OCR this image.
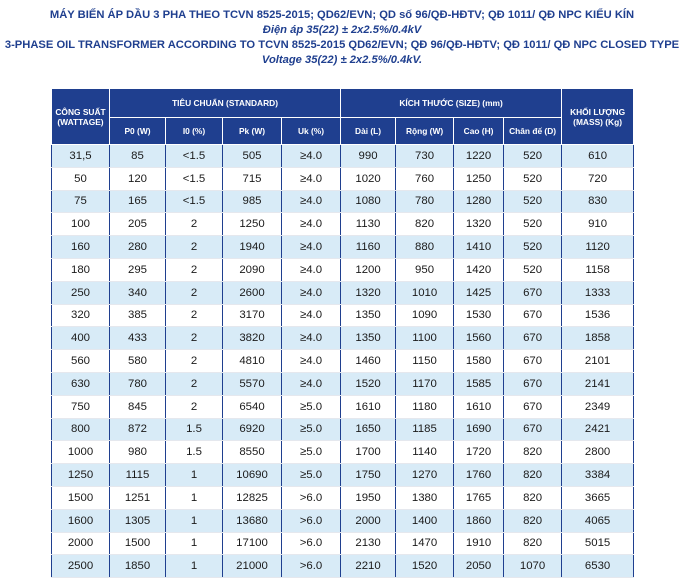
MÁY BIẾN ÁP DẦU 3 PHA THEO TCVN 8525-2015; QD62/EVN; QD số 96/QĐ-HĐTV; QĐ 1011/ QĐ NPC KIỂU KÍN
Điện áp 35(22) ± 2x2.5%/0.4kV
3-PHASE OIL TRANSFORMER ACCORDING TO TCVN 8525-2015 QD62/EVN; QĐ 96/QĐ-HĐTV; QĐ 1011/ QĐ NPC CLOSED TYPE
Voltage 35(22) ± 2x2.5%/0.4kV.
CÔNG SUẤT (WATTAGE)	TIÊU CHUẨN (STANDARD)				KÍCH THƯỚC (SIZE) (mm)				KHỐI LƯỢNG (MASS) (Kg)
	P0 (W)	I0 (%)	Pk (W)	Uk (%)	Dài (L)	Rộng (W)	Cao (H)	Chân đế (D)	
31,5	85	<1.5	505	≥4.0	990	730	1220	520	610
50	120	<1.5	715	≥4.0	1020	760	1250	520	720
75	165	<1.5	985	≥4.0	1080	780	1280	520	830
100	205	2	1250	≥4.0	1130	820	1320	520	910
160	280	2	1940	≥4.0	1160	880	1410	520	1120
180	295	2	2090	≥4.0	1200	950	1420	520	1158
250	340	2	2600	≥4.0	1320	1010	1425	670	1333
320	385	2	3170	≥4.0	1350	1090	1530	670	1536
400	433	2	3820	≥4.0	1350	1100	1560	670	1858
560	580	2	4810	≥4.0	1460	1150	1580	670	2101
630	780	2	5570	≥4.0	1520	1170	1585	670	2141
750	845	2	6540	≥5.0	1610	1180	1610	670	2349
800	872	1.5	6920	≥5.0	1650	1185	1690	670	2421
1000	980	1.5	8550	≥5.0	1700	1140	1720	820	2800
1250	1115	1	10690	≥5.0	1750	1270	1760	820	3384
1500	1251	1	12825	>6.0	1950	1380	1765	820	3665
1600	1305	1	13680	>6.0	2000	1400	1860	820	4065
2000	1500	1	17100	>6.0	2130	1470	1910	820	5015
2500	1850	1	21000	>6.0	2210	1520	2050	1070	6530
